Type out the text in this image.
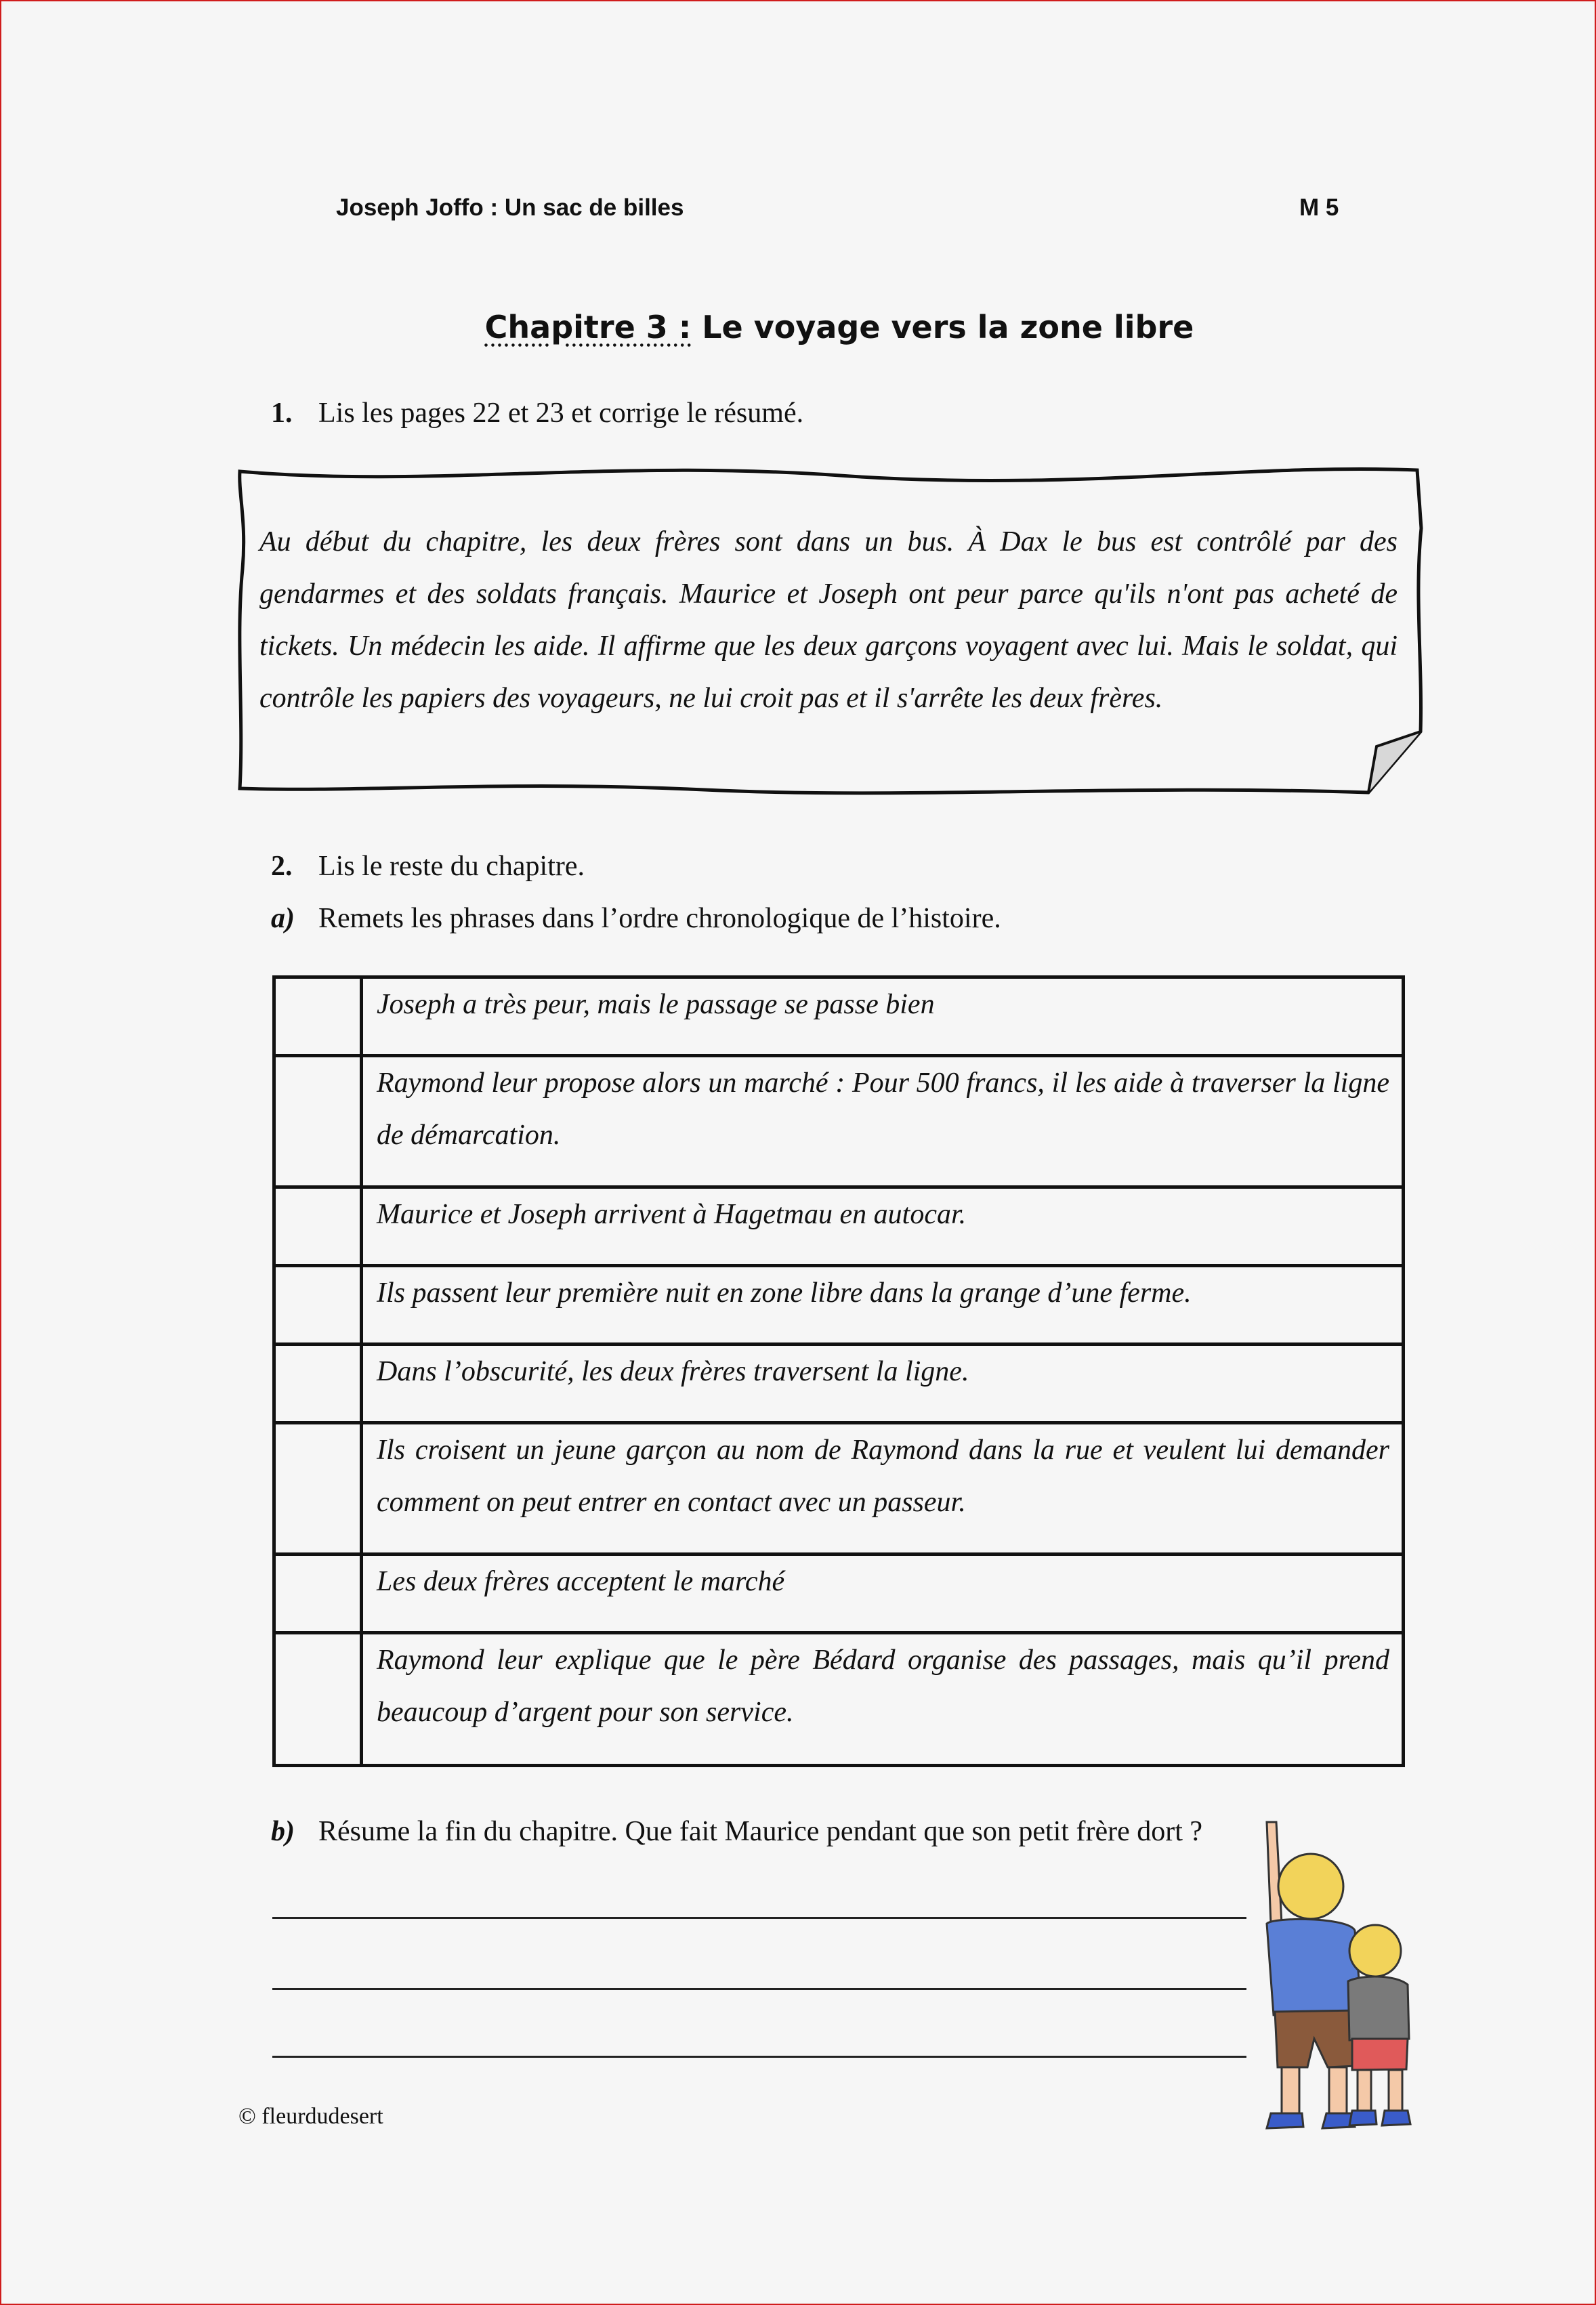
Joseph Joffo : Un sac de billes	M 5
Chapitre 3 : Le voyage vers la zone libre
1. Lis les pages 22 et 23 et corrige le résumé.
Au début du chapitre, les deux frères sont dans un bus. À Dax le bus est contrôlé par des gendarmes et des soldats français. Maurice et Joseph ont peur parce qu'ils n'ont pas acheté de tickets. Un médecin les aide. Il affirme que les deux garçons voyagent avec lui. Mais le soldat, qui contrôle les papiers des voyageurs, ne lui croit pas et il s'arrête les deux frères.
2. Lis le reste du chapitre.
a) Remets les phrases dans l’ordre chronologique de l’histoire.
	Joseph a très peur, mais le passage se passe bien
	Raymond leur propose alors un marché : Pour 500 francs, il les aide à traverser la ligne de démarcation.
	Maurice et Joseph arrivent à Hagetmau en autocar.
	Ils passent leur première nuit en zone libre dans la grange d’une ferme.
	Dans l’obscurité, les deux frères traversent la ligne.
	Ils croisent un jeune garçon au nom de Raymond dans la rue et veulent lui demander comment on peut entrer en contact avec un passeur.
	Les deux frères acceptent le marché
	Raymond leur explique que le père Bédard organise des passages, mais qu’il prend beaucoup d’argent pour son service.
b) Résume la fin du chapitre. Que fait Maurice pendant que son petit frère dort ?
© fleurdudesert
